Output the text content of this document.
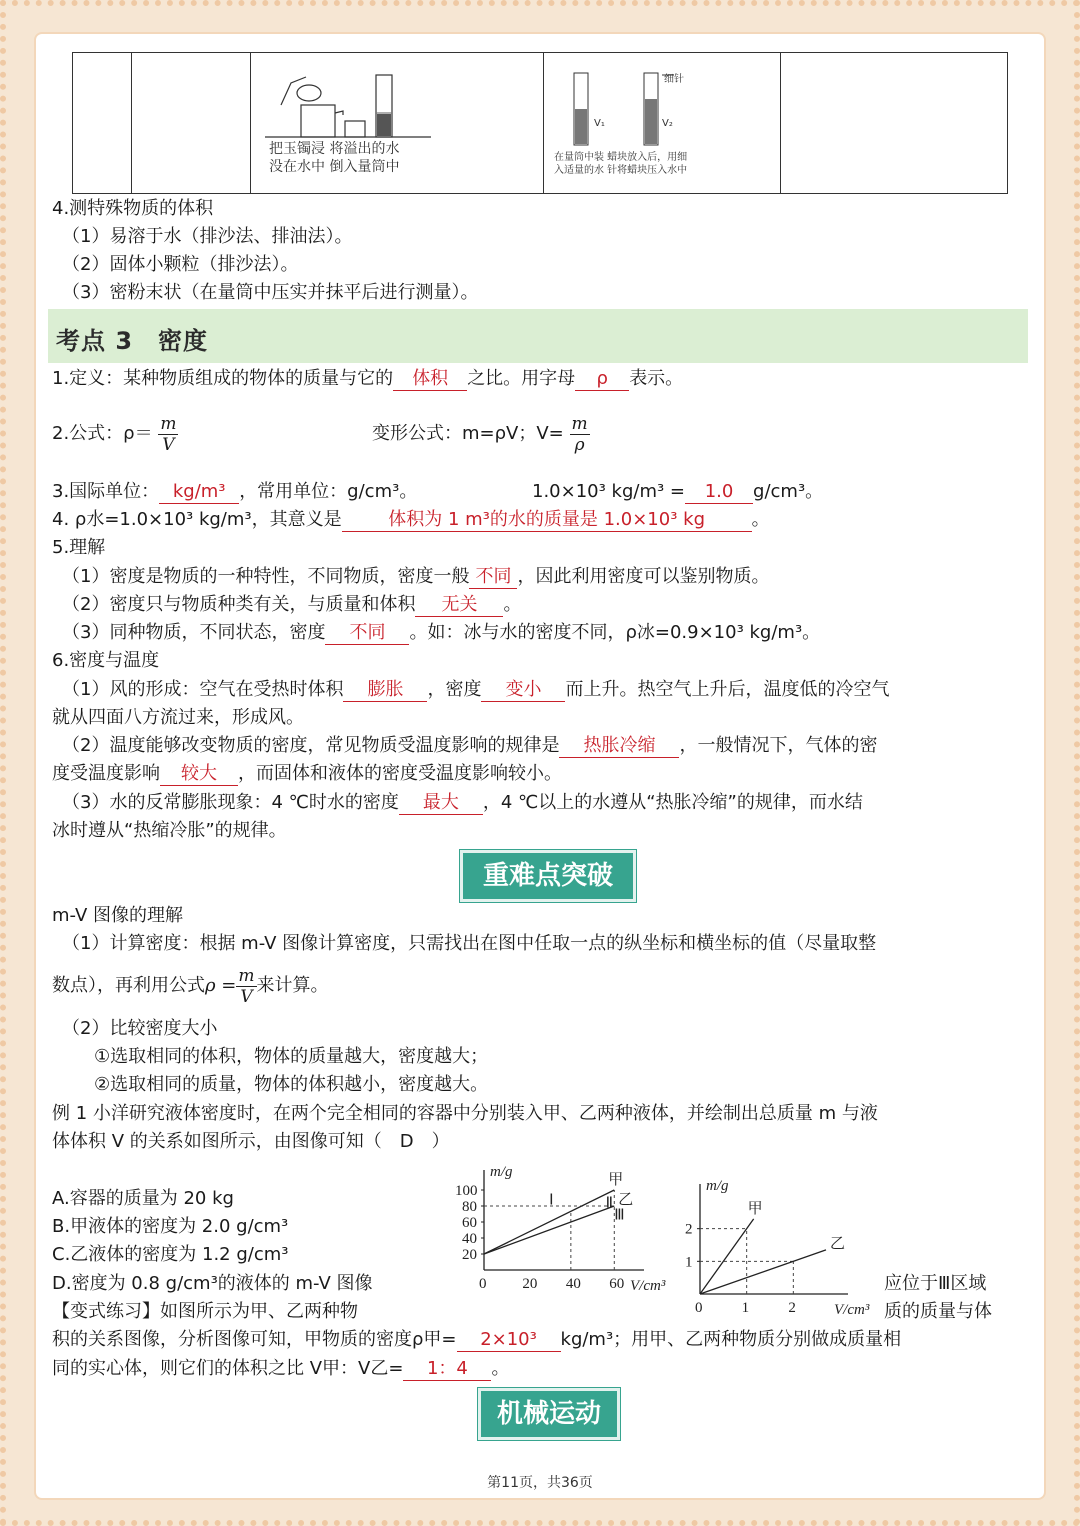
把玉镯浸 将溢出的水
没在水中 倒入量筒中

V₁	V₂
细针
在量筒中装 蜡块放入后，用细
入适量的水 针将蜡块压入水中

4.测特殊物质的体积
（1）易溶于水（排沙法、排油法）。
（2）固体小颗粒（排沙法）。
（3）密粉末状（在量筒中压实并抹平后进行测量）。
考点 3　密度
1.定义：某种物质组成的物体的质量与它的 体积 之比。用字母 ρ 表示。
2.公式：$\rho= \frac{m}{V}$	变形公式：m=ρV；$V= \frac{m}{\rho}$
3.国际单位： kg/m³ ，常用单位：g/cm³。	1.0×10³ kg/m³ = 1.0 g/cm³。
4. ρ水=1.0×10³ kg/m³，其意义是	体积为 1 m³的水的质量是 1.0×10³ kg	。
5.理解
（1）密度是物质的一种特性，不同物质，密度一般 不同 ，因此利用密度可以鉴别物质。
（2）密度只与物质种类有关，与质量和体积 无关 。
（3）同种物质，不同状态，密度 不同 。如：冰与水的密度不同，ρ冰=0.9×10³ kg/m³。
6.密度与温度
（1）风的形成：空气在受热时体积 膨胀 ，密度 变小 而上升。热空气上升后，温度低的冷空气
就从四面八方流过来，形成风。
（2）温度能够改变物质的密度，常见物质受温度影响的规律是 热胀冷缩 ，一般情况下，气体的密
度受温度影响 较大 ，而固体和液体的密度受温度影响较小。
（3）水的反常膨胀现象：4 ℃时水的密度 最大 ，4 ℃以上的水遵从“热胀冷缩”的规律，而水结
冰时遵从“热缩冷胀”的规律。
重难点突破
m-V 图像的理解
（1）计算密度：根据 m-V 图像计算密度，只需找出在图中任取一点的纵坐标和横坐标的值（尽量取整
数点），再利用公式$\rho = \frac{m}{V}$ 来计算。
（2）比较密度大小
①选取相同的体积，物体的质量越大，密度越大；
②选取相同的质量，物体的体积越小，密度越大。
例 1 小洋研究液体密度时，在两个完全相同的容器中分别装入甲、乙两种液体，并绘制出总质量 m 与液
体体积 V 的关系如图所示，由图像可知（　D　）
A.容器的质量为 20 kg
B.甲液体的密度为 2.0 g/cm³
C.乙液体的密度为 1.2 g/cm³
D.密度为 0.8 g/cm³的液体的 m-V 图像	应位于Ⅲ区域
【变式练习】如图所示为甲、乙两种物	质的质量与体
积的关系图像，分析图像可知，甲物质的密度ρ甲= 2×10³ kg/m³；用甲、乙两种物质分别做成质量相
同的实心体，则它们的体积之比 V甲：V乙= 1：4 。
m/g
V/cm³
0 20 40 60
20
40
60
80
100
甲
乙
Ⅰ	Ⅱ
Ⅲ
m/g
V/cm³
0	1	2
1
2
甲
乙
机械运动
第11页，共36页
